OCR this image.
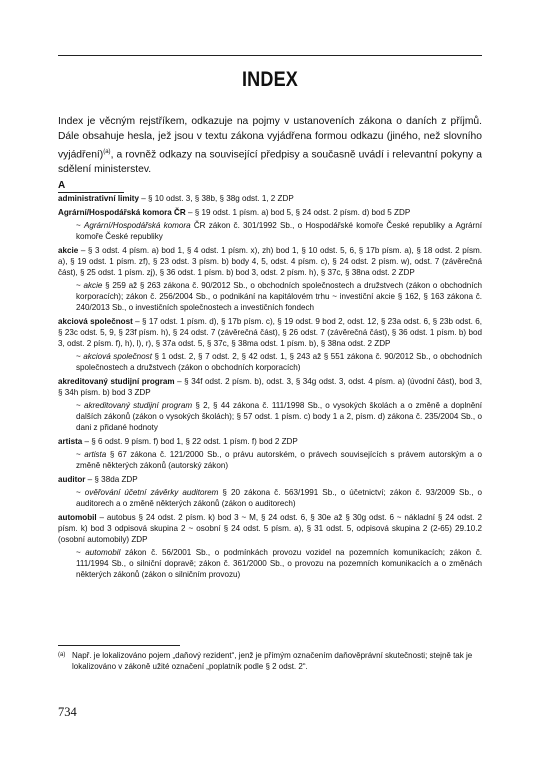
INDEX
Index je věcným rejstříkem, odkazuje na pojmy v ustanoveních zákona o daních z příjmů. Dále obsahuje hesla, jež jsou v textu zákona vyjádřena formou odkazu (jiného, než slovního vyjádření)$^{(a)}$, a rovněž odkazy na související předpisy a současně uvádí i relevantní pokyny a sdělení ministerstev.
A
administrativní limity – § 10 odst. 3, § 38b, § 38g odst. 1, 2 ZDP
Agrární/Hospodářská komora ČR – § 19 odst. 1 písm. a) bod 5, § 24 odst. 2 písm. d) bod 5 ZDP
~ Agrární/Hospodářská komora ČR zákon č. 301/1992 Sb., o Hospodářské komoře České republiky a Agrární komoře České republiky
akcie – § 3 odst. 4 písm. a) bod 1, § 4 odst. 1 písm. x), zh) bod 1, § 10 odst. 5, 6, § 17b písm. a), § 18 odst. 2 písm. a), § 19 odst. 1 písm. zf), § 23 odst. 3 písm. b) body 4, 5, odst. 4 písm. c), § 24 odst. 2 písm. w), odst. 7 (závěrečná část), § 25 odst. 1 písm. zj), § 36 odst. 1 písm. b) bod 3, odst. 2 písm. h), § 37c, § 38na odst. 2 ZDP
~ akcie § 259 až § 263 zákona č. 90/2012 Sb., o obchodních společnostech a družstvech (zákon o obchodních korporacích); zákon č. 256/2004 Sb., o podnikání na kapitálovém trhu ~ investiční akcie § 162, § 163 zákona č. 240/2013 Sb., o investičních společnostech a investičních fondech
akciová společnost – § 17 odst. 1 písm. d), § 17b písm. c), § 19 odst. 9 bod 2, odst. 12, § 23a odst. 6, § 23b odst. 6, § 23c odst. 5, 9, § 23f písm. h), § 24 odst. 7 (závěrečná část), § 26 odst. 7 (závěrečná část), § 36 odst. 1 písm. b) bod 3, odst. 2 písm. f), h), l), r), § 37a odst. 5, § 37c, § 38ma odst. 1 písm. b), § 38na odst. 2 ZDP
~ akciová společnost § 1 odst. 2, § 7 odst. 2, § 42 odst. 1, § 243 až § 551 zákona č. 90/2012 Sb., o obchodních společnostech a družstvech (zákon o obchodních korporacích)
akreditovaný studijní program – § 34f odst. 2 písm. b), odst. 3, § 34g odst. 3, odst. 4 písm. a) (úvodní část), bod 3, § 34h písm. b) bod 3 ZDP
~ akreditovaný studijní program § 2, § 44 zákona č. 111/1998 Sb., o vysokých školách a o změně a doplnění dalších zákonů (zákon o vysokých školách); § 57 odst. 1 písm. c) body 1 a 2, písm. d) zákona č. 235/2004 Sb., o dani z přidané hodnoty
artista – § 6 odst. 9 písm. f) bod 1, § 22 odst. 1 písm. f) bod 2 ZDP
~ artista § 67 zákona č. 121/2000 Sb., o právu autorském, o právech souvisejících s právem autorským a o změně některých zákonů (autorský zákon)
auditor – § 38da ZDP
~ ověřování účetní závěrky auditorem § 20 zákona č. 563/1991 Sb., o účetnictví; zákon č. 93/2009 Sb., o auditorech a o změně některých zákonů (zákon o auditorech)
automobil – autobus § 24 odst. 2 písm. k) bod 3 ~ M, § 24 odst. 6, § 30e až § 30g odst. 6 ~ nákladní § 24 odst. 2 písm. k) bod 3 odpisová skupina 2 ~ osobní § 24 odst. 5 písm. a), § 31 odst. 5, odpisová skupina 2 (2-65) 29.10.2 (osobní automobily) ZDP
~ automobil zákon č. 56/2001 Sb., o podmínkách provozu vozidel na pozemních komunikacích; zákon č. 111/1994 Sb., o silniční dopravě; zákon č. 361/2000 Sb., o provozu na pozemních komunikacích a o změnách některých zákonů (zákon o silničním provozu)
(a) Např. je lokalizováno pojem „daňový rezident“, jenž je přímým označením daňověprávní skutečnosti; stejně tak je lokalizováno v zákoně užité označení „poplatník podle § 2 odst. 2“.
734
